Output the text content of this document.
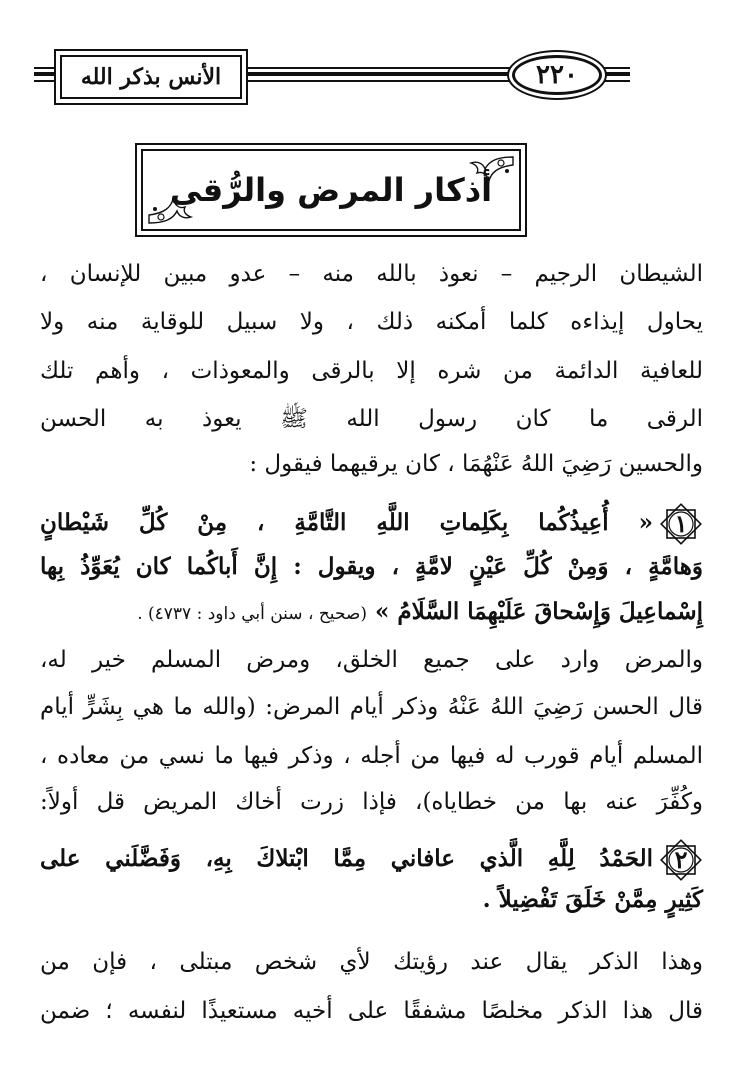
الأنس بذكر الله	٢٢٠
أذكار المرض والرُّقى
الشيطان الرجيم – نعوذ بالله منه – عدو مبين للإنسان ،
يحاول إيذاءه كلما أمكنه ذلك ، ولا سبيل للوقاية منه ولا
للعافية الدائمة من شره إلا بالرقى والمعوذات ، وأهم تلك
الرقى ما كان رسول الله ﷺ يعوذ به الحسن
والحسين رَضِيَ اللهُ عَنْهُمَا ، كان يرقيهما فيقول :
١
« أُعِيذُكُما بِكَلِماتِ اللَّهِ التَّامَّةِ ، مِنْ كُلِّ شَيْطانٍ
وَهامَّةٍ ، وَمِنْ كُلِّ عَيْنٍ لامَّةٍ ، ويقول : إِنَّ أَباكُما كان يُعَوِّذُ بِها
إِسْماعِيلَ وَإِسْحاقَ عَلَيْهِمَا السَّلَامُ » (صحيح ، سنن أبي داود : ٤٧٣٧) .
والمرض وارد على جميع الخلق، ومرض المسلم خير له،
قال الحسن رَضِيَ اللهُ عَنْهُ وذكر أيام المرض: (والله ما هي بِشَرٍّ أيام
المسلم أيام قورب له فيها من أجله ، وذكر فيها ما نسي من معاده ،
وكُفِّرَ عنه بها من خطاياه)، فإذا زرت أخاك المريض قل أولاً:
٢
الحَمْدُ لِلَّهِ الَّذي عافاني مِمَّا ابْتلاكَ بِهِ، وَفَضَّلَني على
كَثِيرٍ مِمَّنْ خَلَقَ تَفْضِيلاً .
وهذا الذكر يقال عند رؤيتك لأي شخص مبتلى ، فإن من
قال هذا الذكر مخلصًا مشفقًا على أخيه مستعيذًا لنفسه ؛ ضمن
